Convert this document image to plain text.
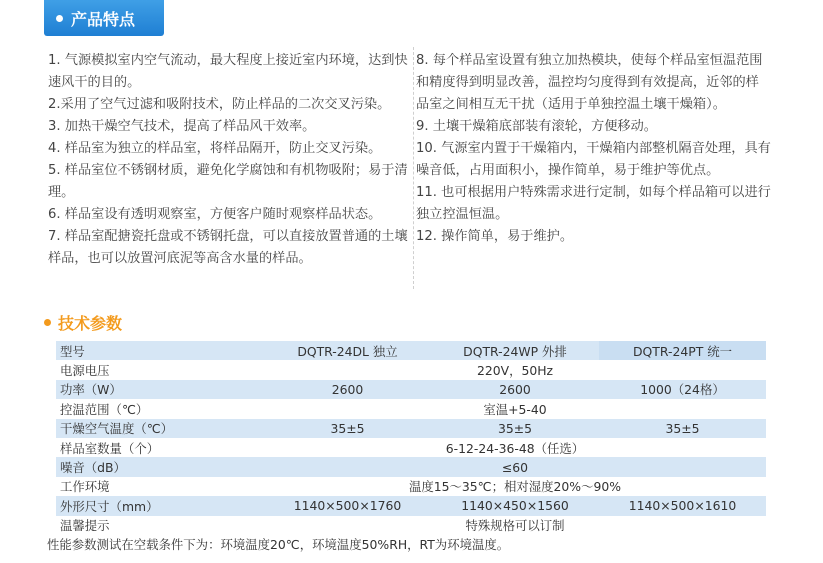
产品特点

1. 气源模拟室内空气流动，最大程度上接近室内环境，达到快速风干的目的。

2.采用了空气过滤和吸附技术，防止样品的二次交叉污染。

3. 加热干燥空气技术，提高了样品风干效率。

4. 样品室为独立的样品室，将样品隔开，防止交叉污染。

5. 样品室位不锈钢材质，避免化学腐蚀和有机物吸附；易于清理。

6. 样品室设有透明观察室，方便客户随时观察样品状态。

7. 样品室配搪瓷托盘或不锈钢托盘，可以直接放置普通的土壤样品，也可以放置河底泥等高含水量的样品。

8. 每个样品室设置有独立加热模块，使每个样品室恒温范围和精度得到明显改善，温控均匀度得到有效提高，近邻的样品室之间相互无干扰（适用于单独控温土壤干燥箱）。

9. 土壤干燥箱底部装有滚轮，方便移动。

10. 气源室内置于干燥箱内，干燥箱内部整机隔音处理，具有噪音低，占用面积小，操作简单，易于维护等优点。

11. 也可根据用户特殊需求进行定制，如每个样品箱可以进行独立控温恒温。

12. 操作简单，易于维护。

技术参数
型号	DQTR-24DL 独立	DQTR-24WP 外排	DQTR-24PT 统一
电源电压	220V，50Hz		
功率（W）	2600	2600	1000（24格）
控温范围（℃）	室温+5-40		
干燥空气温度（℃）	35±5	35±5	35±5
样品室数量（个）	6-12-24-36-48（任选）		
噪音（dB）	≤60		
工作环境	温度15～35℃；相对湿度20%～90%		
外形尺寸（mm）	1140×500×1760	1140×450×1560	1140×500×1610
温馨提示	特殊规格可以订制		
性能参数测试在空载条件下为：环境温度20℃，环境温度50%RH，RT为环境温度。
